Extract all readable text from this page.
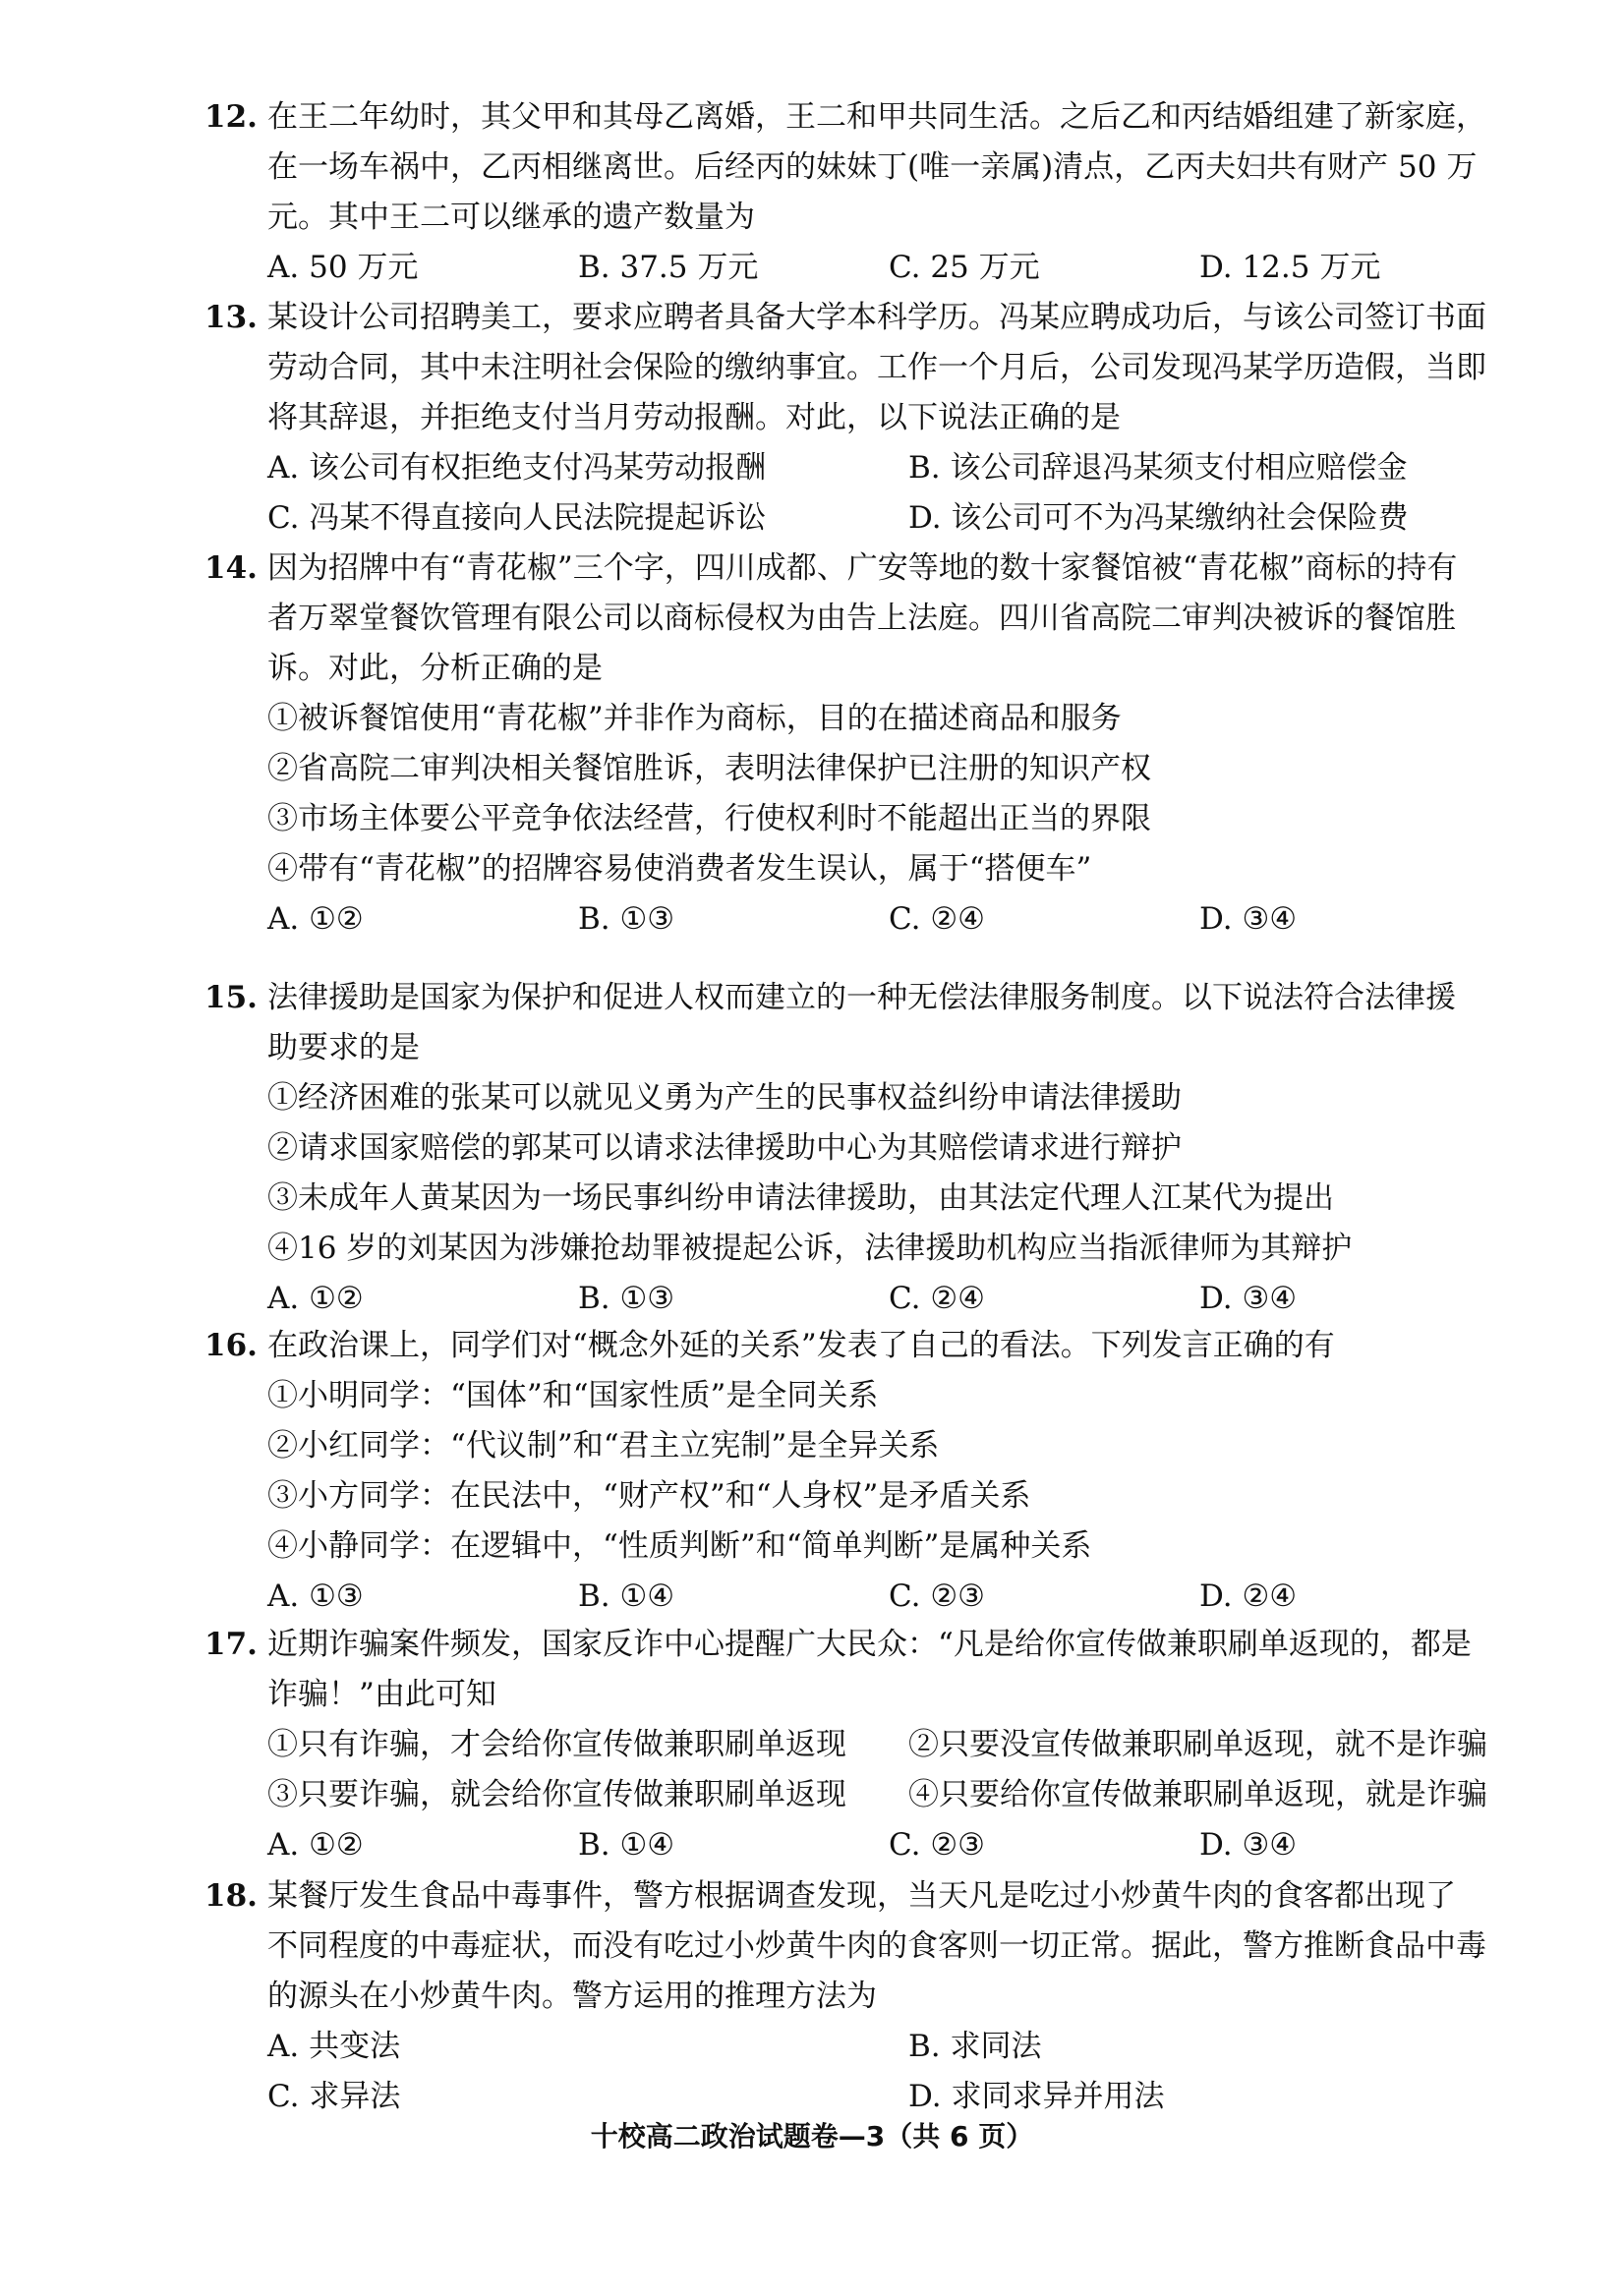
12. 在王二年幼时，其父甲和其母乙离婚，王二和甲共同生活。之后乙和丙结婚组建了新家庭，
在一场车祸中，乙丙相继离世。后经丙的妹妹丁(唯一亲属)清点，乙丙夫妇共有财产 50 万
元。其中王二可以继承的遗产数量为
A. 50 万元	B. 37.5 万元	C. 25 万元	D. 12.5 万元
13. 某设计公司招聘美工，要求应聘者具备大学本科学历。冯某应聘成功后，与该公司签订书面
劳动合同，其中未注明社会保险的缴纳事宜。工作一个月后，公司发现冯某学历造假，当即
将其辞退，并拒绝支付当月劳动报酬。对此，以下说法正确的是
A. 该公司有权拒绝支付冯某劳动报酬	B. 该公司辞退冯某须支付相应赔偿金
C. 冯某不得直接向人民法院提起诉讼	D. 该公司可不为冯某缴纳社会保险费
14. 因为招牌中有“青花椒”三个字，四川成都、广安等地的数十家餐馆被“青花椒”商标的持有
者万翠堂餐饮管理有限公司以商标侵权为由告上法庭。四川省高院二审判决被诉的餐馆胜
诉。对此，分析正确的是
①被诉餐馆使用“青花椒”并非作为商标，目的在描述商品和服务
②省高院二审判决相关餐馆胜诉，表明法律保护已注册的知识产权
③市场主体要公平竞争依法经营，行使权利时不能超出正当的界限
④带有“青花椒”的招牌容易使消费者发生误认，属于“搭便车”
A. ①②	B. ①③	C. ②④	D. ③④
15. 法律援助是国家为保护和促进人权而建立的一种无偿法律服务制度。以下说法符合法律援
助要求的是
①经济困难的张某可以就见义勇为产生的民事权益纠纷申请法律援助
②请求国家赔偿的郭某可以请求法律援助中心为其赔偿请求进行辩护
③未成年人黄某因为一场民事纠纷申请法律援助，由其法定代理人江某代为提出
④16 岁的刘某因为涉嫌抢劫罪被提起公诉，法律援助机构应当指派律师为其辩护
A. ①②	B. ①③	C. ②④	D. ③④
16. 在政治课上，同学们对“概念外延的关系”发表了自己的看法。下列发言正确的有
①小明同学：“国体”和“国家性质”是全同关系
②小红同学：“代议制”和“君主立宪制”是全异关系
③小方同学：在民法中，“财产权”和“人身权”是矛盾关系
④小静同学：在逻辑中，“性质判断”和“简单判断”是属种关系
A. ①③	B. ①④	C. ②③	D. ②④
17. 近期诈骗案件频发，国家反诈中心提醒广大民众：“凡是给你宣传做兼职刷单返现的，都是
诈骗！”由此可知
①只有诈骗，才会给你宣传做兼职刷单返现 ②只要没宣传做兼职刷单返现，就不是诈骗
③只要诈骗，就会给你宣传做兼职刷单返现 ④只要给你宣传做兼职刷单返现，就是诈骗
A. ①②	B. ①④	C. ②③	D. ③④
18. 某餐厅发生食品中毒事件，警方根据调查发现，当天凡是吃过小炒黄牛肉的食客都出现了
不同程度的中毒症状，而没有吃过小炒黄牛肉的食客则一切正常。据此，警方推断食品中毒
的源头在小炒黄牛肉。警方运用的推理方法为
A. 共变法	B. 求同法
C. 求异法	D. 求同求异并用法
十校高二政治试题卷—3（共 6 页）
